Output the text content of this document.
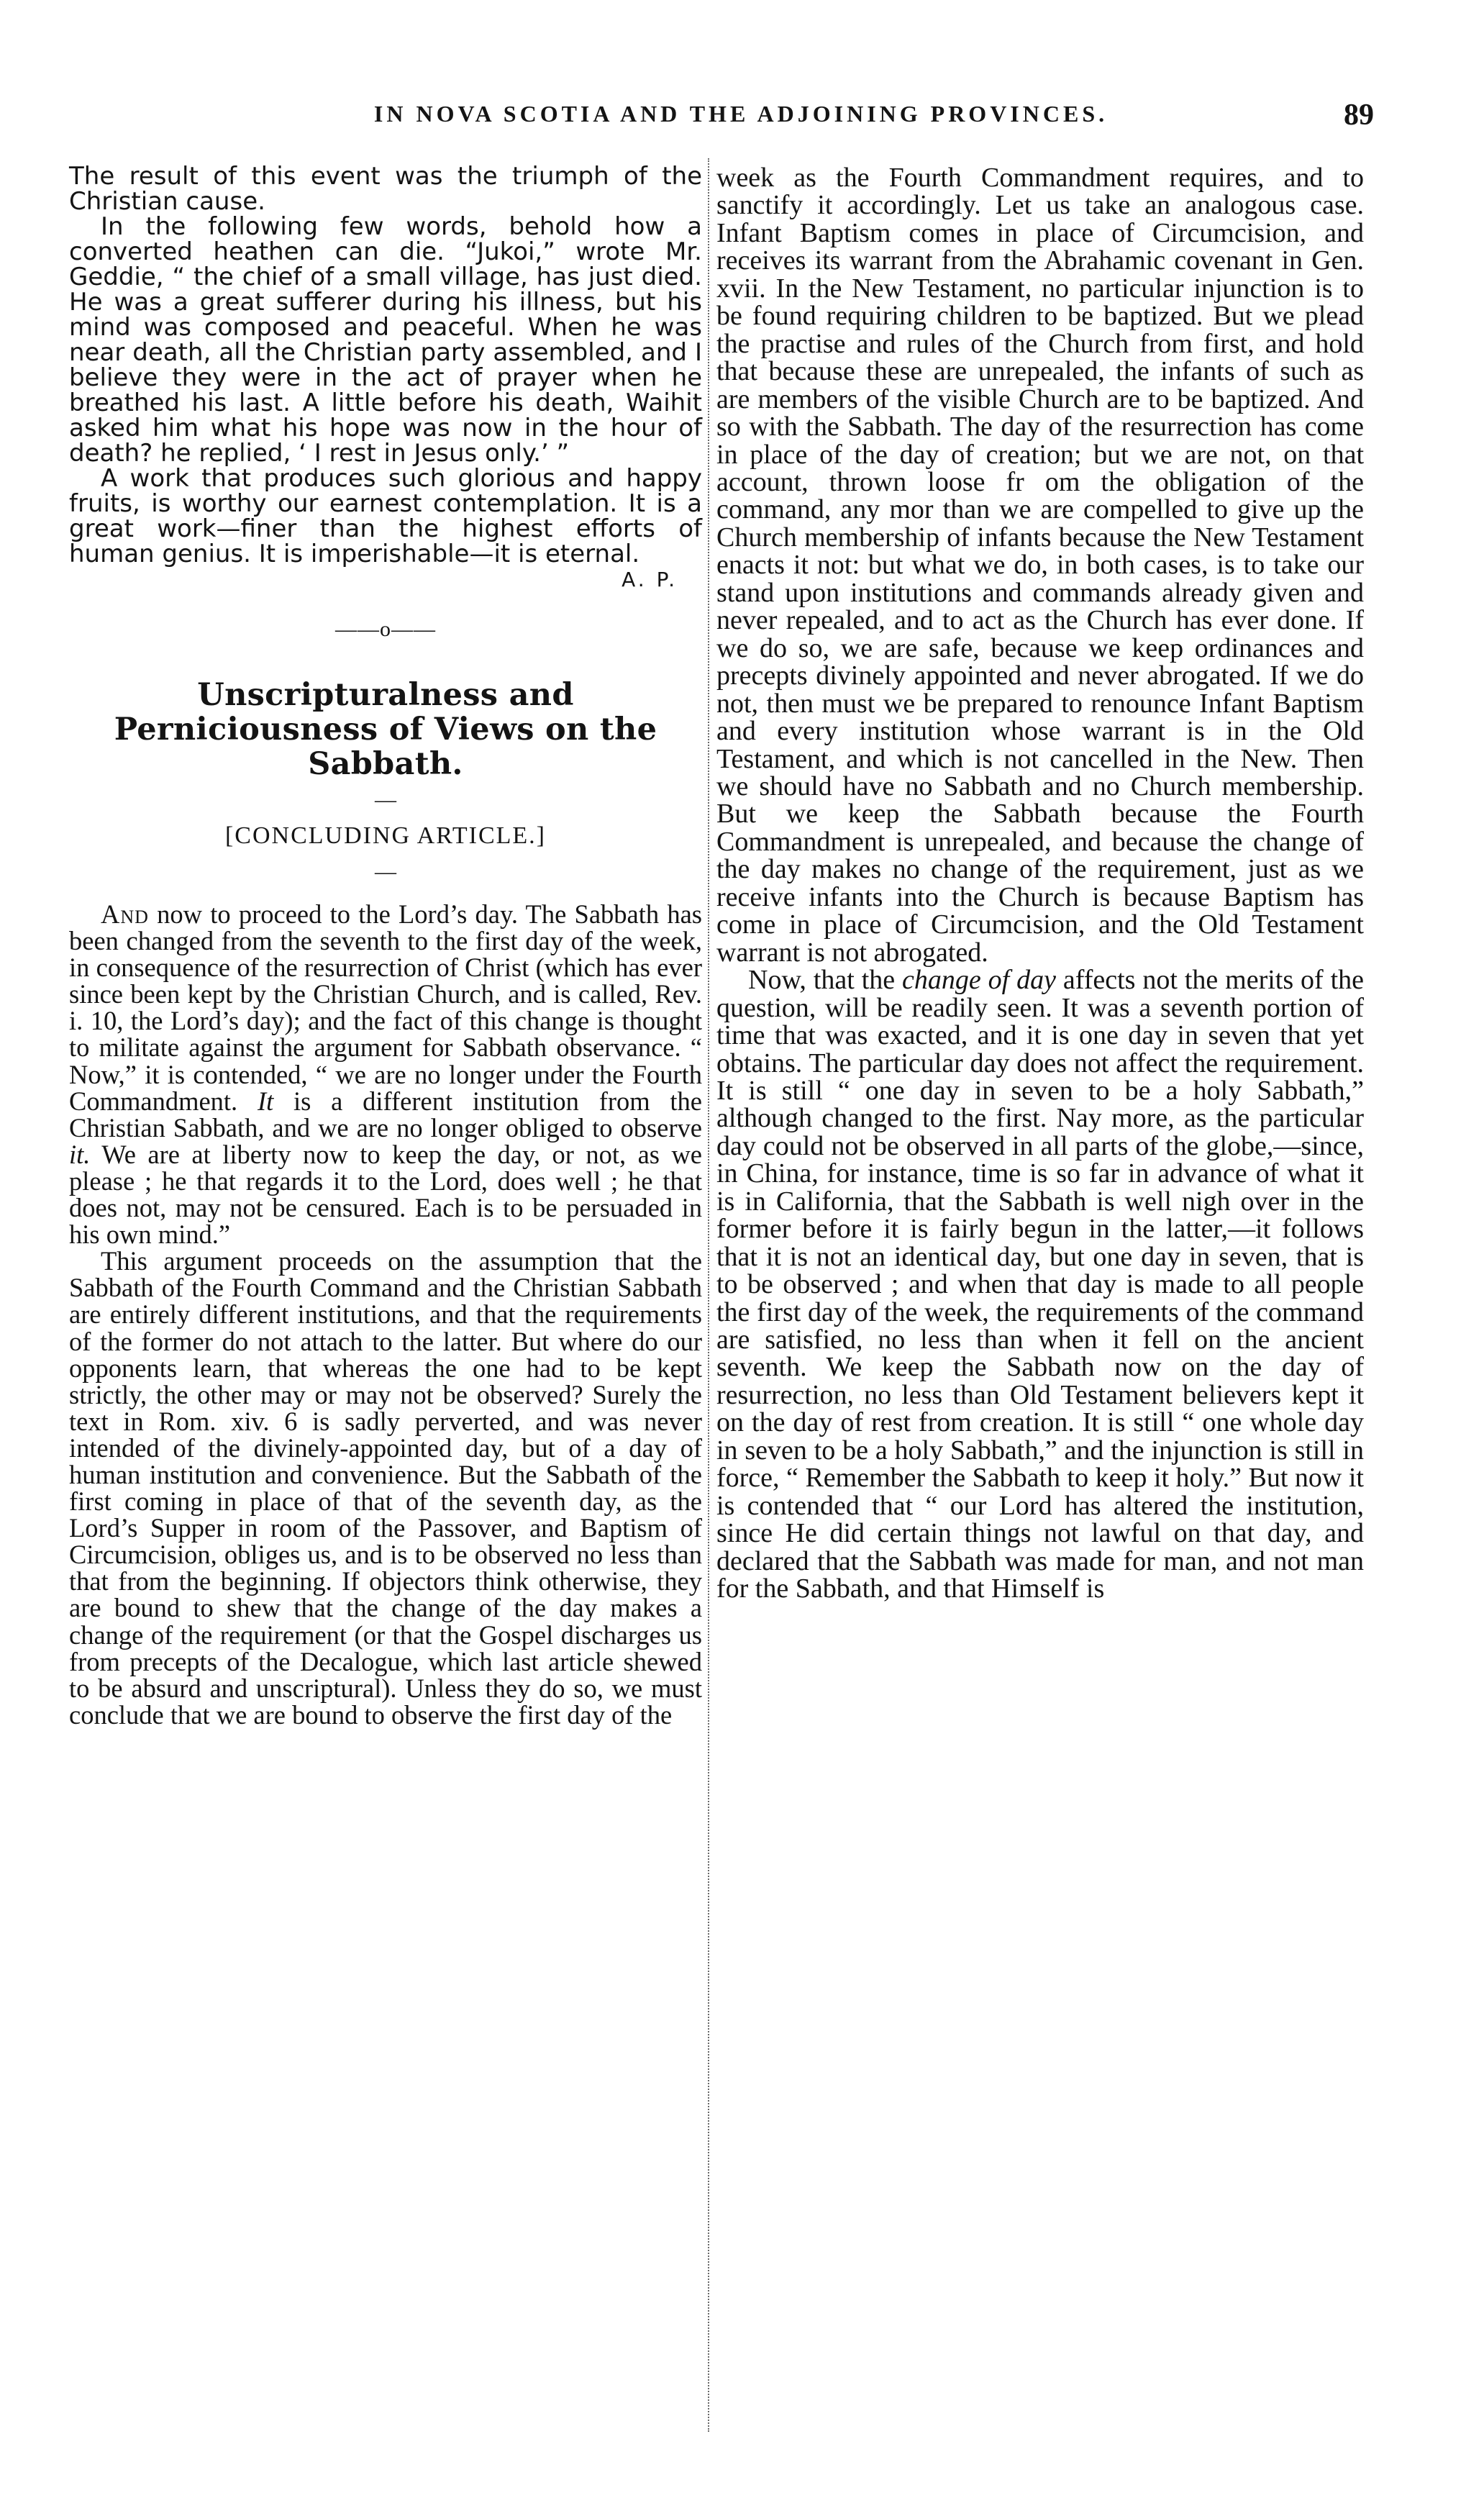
IN NOVA SCOTIA AND THE ADJOINING PROVINCES.	89

The result of this event was the triumph of the Christian cause.

In the following few words, behold how a converted heathen can die. “Jukoi,” wrote Mr. Geddie, “ the chief of a small village, has just died. He was a great sufferer during his illness, but his mind was composed and peaceful. When he was near death, all the Christian party assembled, and I believe they were in the act of prayer when he breathed his last. A little before his death, Waihit asked him what his hope was now in the hour of death? he replied, ‘ I rest in Jesus only.’ ”

A work that produces such glorious and happy fruits, is worthy our earnest contemplation. It is a great work—finer than the highest efforts of human genius. It is imperishable—it is eternal.

A. P.
——o——
Unscripturalness and Perniciousness of Views on the Sabbath.
—
[CONCLUDING ARTICLE.]
—

And now to proceed to the Lord’s day. The Sabbath has been changed from the seventh to the first day of the week, in consequence of the resurrection of Christ (which has ever since been kept by the Christian Church, and is called, Rev. i. 10, the Lord’s day); and the fact of this change is thought to militate against the argument for Sabbath observance. “ Now,” it is contended, “ we are no longer under the Fourth Commandment. It is a different institution from the Christian Sabbath, and we are no longer obliged to observe it. We are at liberty now to keep the day, or not, as we please ; he that regards it to the Lord, does well ; he that does not, may not be censured. Each is to be persuaded in his own mind.”

This argument proceeds on the assumption that the Sabbath of the Fourth Command and the Christian Sabbath are entirely different institutions, and that the requirements of the former do not attach to the latter. But where do our opponents learn, that whereas the one had to be kept strictly, the other may or may not be observed? Surely the text in Rom. xiv. 6 is sadly perverted, and was never intended of the divinely-appointed day, but of a day of human institution and convenience. But the Sabbath of the first coming in place of that of the seventh day, as the Lord’s Supper in room of the Passover, and Baptism of Circumcision, obliges us, and is to be observed no less than that from the beginning. If objectors think otherwise, they are bound to shew that the change of the day makes a change of the requirement (or that the Gospel discharges us from precepts of the Decalogue, which last article shewed to be absurd and unscriptural). Unless they do so, we must conclude that we are bound to observe the first day of the

week as the Fourth Commandment requires, and to sanctify it accordingly. Let us take an analogous case. Infant Baptism comes in place of Circumcision, and receives its warrant from the Abrahamic covenant in Gen. xvii. In the New Testament, no particular injunction is to be found requiring children to be baptized. But we plead the practise and rules of the Church from first, and hold that because these are unrepealed, the infants of such as are members of the visible Church are to be baptized. And so with the Sabbath. The day of the resurrection has come in place of the day of creation; but we are not, on that account, thrown loose fr om the obligation of the command, any mor than we are compelled to give up the Church membership of infants because the New Testament enacts it not: but what we do, in both cases, is to take our stand upon institutions and commands already given and never repealed, and to act as the Church has ever done. If we do so, we are safe, because we keep ordinances and precepts divinely appointed and never abrogated. If we do not, then must we be prepared to renounce Infant Baptism and every institution whose warrant is in the Old Testament, and which is not cancelled in the New. Then we should have no Sabbath and no Church membership. But we keep the Sabbath because the Fourth Commandment is unrepealed, and because the change of the day makes no change of the requirement, just as we receive infants into the Church is because Baptism has come in place of Circumcision, and the Old Testament warrant is not abrogated.

Now, that the change of day affects not the merits of the question, will be readily seen. It was a seventh portion of time that was exacted, and it is one day in seven that yet obtains. The particular day does not affect the requirement. It is still “ one day in seven to be a holy Sabbath,” although changed to the first. Nay more, as the particular day could not be observed in all parts of the globe,—since, in China, for instance, time is so far in advance of what it is in California, that the Sabbath is well nigh over in the former before it is fairly begun in the latter,—it follows that it is not an identical day, but one day in seven, that is to be observed ; and when that day is made to all people the first day of the week, the requirements of the command are satisfied, no less than when it fell on the ancient seventh. We keep the Sabbath now on the day of resurrection, no less than Old Testament believers kept it on the day of rest from creation. It is still “ one whole day in seven to be a holy Sabbath,” and the injunction is still in force, “ Remember the Sabbath to keep it holy.” But now it is contended that “ our Lord has altered the institution, since He did certain things not lawful on that day, and declared that the Sabbath was made for man, and not man for the Sabbath, and that Himself is
